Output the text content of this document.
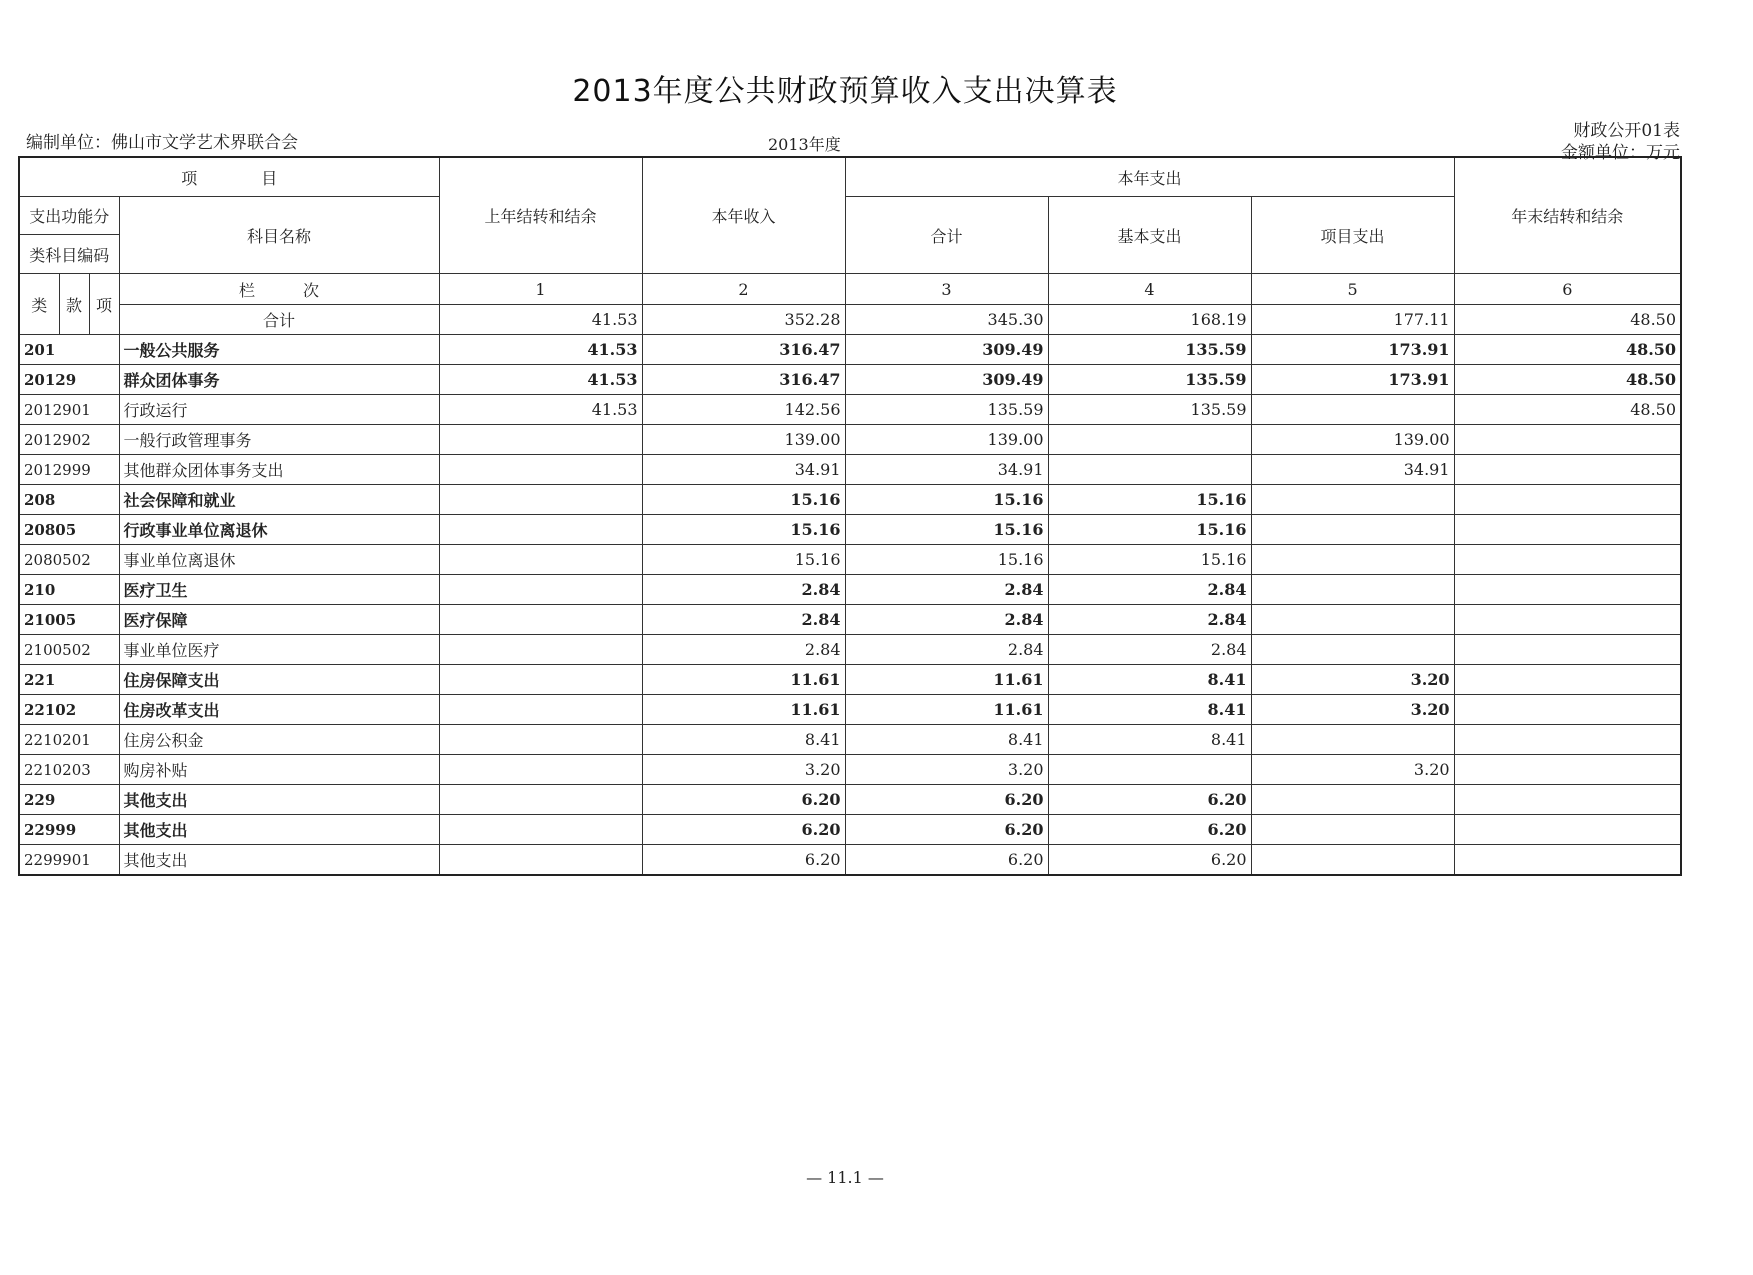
2013年度公共财政预算收入支出决算表
编制单位：佛山市文学艺术界联合会	2013年度
财政公开01表
金额单位：万元
项　　　　目				上年结转和结余	本年收入	本年支出			年末结转和结余
支出功能分			科目名称			合计	基本支出	项目支出	
类科目编码									
类	款	项	栏　　　次	1	2	3	4	5	6
			合计	41.53	352.28	345.30	168.19	177.11	48.50
201			一般公共服务	41.53	316.47	309.49	135.59	173.91	48.50
20129			群众团体事务	41.53	316.47	309.49	135.59	173.91	48.50
2012901			行政运行	41.53	142.56	135.59	135.59		48.50
2012902			一般行政管理事务		139.00	139.00		139.00	
2012999			其他群众团体事务支出		34.91	34.91		34.91	
208			社会保障和就业		15.16	15.16	15.16		
20805			行政事业单位离退休		15.16	15.16	15.16		
2080502			事业单位离退休		15.16	15.16	15.16		
210			医疗卫生		2.84	2.84	2.84		
21005			医疗保障		2.84	2.84	2.84		
2100502			事业单位医疗		2.84	2.84	2.84		
221			住房保障支出		11.61	11.61	8.41	3.20	
22102			住房改革支出		11.61	11.61	8.41	3.20	
2210201			住房公积金		8.41	8.41	8.41		
2210203			购房补贴		3.20	3.20		3.20	
229			其他支出		6.20	6.20	6.20		
22999			其他支出		6.20	6.20	6.20		
2299901			其他支出		6.20	6.20	6.20		
— 11.1 —
